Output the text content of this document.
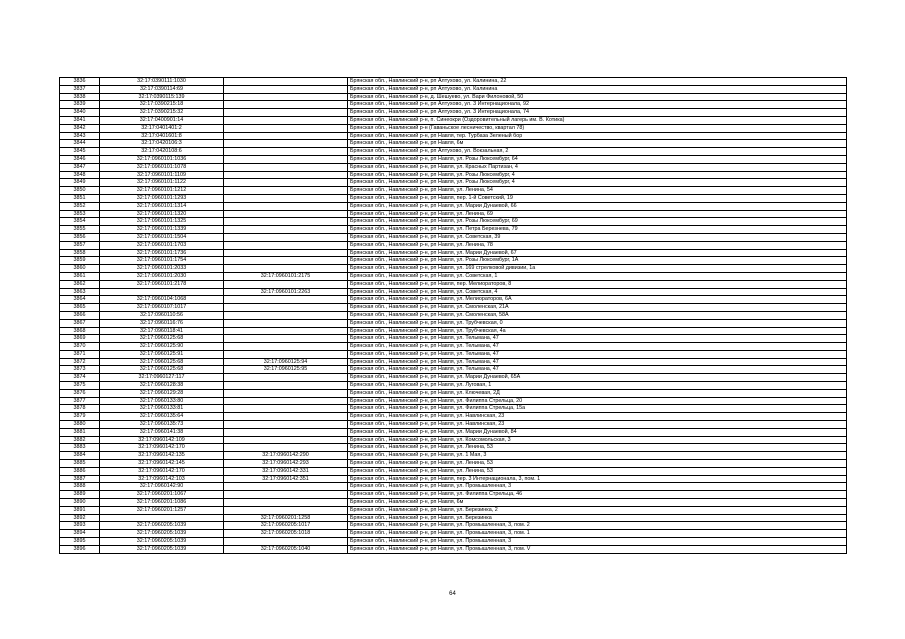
3836	32:17:0390111:1030		Брянская обл., Навлинский р-н, рп Алтухово, ул. Калинина, 22
3837	32:17:0390114:69		Брянская обл., Навлинский р-н, рп Алтухово, ул. Калинина
3838	32:17:0390115:139		Брянская обл., Навлинский р-н, д. Шешуево, ул. Вари Филоновой, 50
3839	32:17:0390215:18		Брянская обл., Навлинский р-н, рп Алтухово, ул. 3 Интернационала, 92
3840	32:17:0390215:32		Брянская обл., Навлинский р-н, рп Алтухово, ул. 3 Интернационала, 74
3841	32:17:0400901:14		Брянская обл., Навлинский р-н, п. Синеокри (Оздоровительный лагерь им. В. Котика)
3842	32:17:0401401:2		Брянская обл., Навлинский р-н (Гаваньское лесничество, квартал 78)
3843	32:17:0401601:8		Брянская обл., Навлинский р-н, рп Навля, тер. Турбаза Зеленый бор
3844	32:17:0420106:3		Брянская обл., Навлинский р-н, рп Навля, 6м
3845	32:17:0420108:6		Брянская обл., Навлинский р-н, рп Алтухово, ул. Вокзальная, 2
3846	32:17:0960101:1036		Брянская обл., Навлинский р-н, рп Навля, ул. Розы Люксембург, 64
3847	32:17:0960101:1078		Брянская обл., Навлинский р-н, рп Навля, ул. Красных Партизан, 4
3848	32:17:0960101:1109		Брянская обл., Навлинский р-н, рп Навля, ул. Розы Люксембург, 4
3849	32:17:0960101:1122		Брянская обл., Навлинский р-н, рп Навля, ул. Розы Люксембург, 4
3850	32:17:0960101:1212		Брянская обл., Навлинский р-н, рп Навля, ул. Ленина, 54
3851	32:17:0960101:1293		Брянская обл., Навлинский р-н, рп Навля, пер. 1-й Советский, 19
3852	32:17:0960101:1314		Брянская обл., Навлинский р-н, рп Навля, ул. Марии Дунаевой, 66
3853	32:17:0960101:1320		Брянская обл., Навлинский р-н, рп Навля, ул. Ленина, 69
3854	32:17:0960101:1325		Брянская обл., Навлинский р-н, рп Навля, ул. Розы Люксембург, 69
3855	32:17:0960101:1339		Брянская обл., Навлинский р-н, рп Навля, ул. Петра Березнева, 79
3856	32:17:0960101:1504		Брянская обл., Навлинский р-н, рп Навля, ул. Советская, 39
3857	32:17:0960101:1703		Брянская обл., Навлинский р-н, рп Навля, ул. Ленина, 78
3858	32:17:0960101:1736		Брянская обл., Навлинский р-н, рп Навля, ул. Марии Дунаевой, 67
3859	32:17:0960101:1754		Брянская обл., Навлинский р-н, рп Навля, ул. Розы Люксембург, 1А
3860	32:17:0960101:2033		Брянская обл., Навлинский р-н, рп Навля, ул. 169 стрелковой дивизии, 1а
3861	32:17:0960101:2030	32:17:0960101:2175	Брянская обл., Навлинский р-н, рп Навля, ул. Советская, 1
3862	32:17:0960101:2178		Брянская обл., Навлинский р-н, рп Навля, пер. Мелиораторов, 8
3863		32:17:0960101:2263	Брянская обл., Навлинский р-н, рп Навля, ул. Советская, 4
3864	32:17:0960104:1068		Брянская обл., Навлинский р-н, рп Навля, ул. Мелиораторов, 6А
3865	32:17:0960107:1017		Брянская обл., Навлинский р-н, рп Навля, ул. Смоленская, 21А
3866	32:17:0960110:56		Брянская обл., Навлинский р-н, рп Навля, ул. Смоленская, 58А
3867	32:17:0960116:76		Брянская обл., Навлинский р-н, рп Навля, ул. Трубчевская, 0
3868	32:17:0960118:41		Брянская обл., Навлинский р-н, рп Навля, ул. Трубчевская, 4а
3869	32:17:0960125:68		Брянская обл., Навлинский р-н, рп Навля, ул. Тельмана, 47
3870	32:17:0960125:90		Брянская обл., Навлинский р-н, рп Навля, ул. Тельмана, 47
3871	32:17:0960125:91		Брянская обл., Навлинский р-н, рп Навля, ул. Тельмана, 47
3872	32:17:0960125:68	32:17:0960125:94	Брянская обл., Навлинский р-н, рп Навля, ул. Тельмана, 47
3873	32:17:0960125:68	32:17:0960125:95	Брянская обл., Навлинский р-н, рп Навля, ул. Тельмана, 47
3874	32:17:0960127:117		Брянская обл., Навлинский р-н, рп Навля, ул. Марии Дунаевой, 65А
3875	32:17:0960128:38		Брянская обл., Навлинский р-н, рп Навля, ул. Луговая, 1
3876	32:17:0960129:28		Брянская обл., Навлинский р-н, рп Навля, ул. Ключевая, 2Д
3877	32:17:0960133:80		Брянская обл., Навлинский р-н, рп Навля, ул. Филиппа Стрельца, 20
3878	32:17:0960133:81		Брянская обл., Навлинский р-н, рп Навля, ул. Филиппа Стрельца, 15а
3879	32:17:0960135:64		Брянская обл., Навлинский р-н, рп Навля, ул. Навлинская, 23
3880	32:17:0960135:73		Брянская обл., Навлинский р-н, рп Навля, ул. Навлинская, 23
3881	32:17:0960141:38		Брянская обл., Навлинский р-н, рп Навля, ул. Марии Дунаевой, 84
3882	32:17:0960142:109		Брянская обл., Навлинский р-н, рп Навля, ул. Комсомольская, 3
3883	32:17:0960142:170		Брянская обл., Навлинский р-н, рп Навля, ул. Ленина, 53
3884	32:17:0960142:135	32:17:0960142:290	Брянская обл., Навлинский р-н, рп Навля, ул. 1 Мая, 3
3885	32:17:0960142:145	32:17:0960142:293	Брянская обл., Навлинский р-н, рп Навля, ул. Ленина, 53
3886	32:17:0960142:170	32:17:0960142:331	Брянская обл., Навлинский р-н, рп Навля, ул. Ленина, 53
3887	32:17:0960142:103	32:17:0960142:351	Брянская обл., Навлинский р-н, рп Навля, пер. 3 Интернационала, 3, пом. 1
3888	32:17:0960142:90		Брянская обл., Навлинский р-н, рп Навля, ул. Промышленная, 3
3889	32:17:0960201:1067		Брянская обл., Навлинский р-н, рп Навля, ул. Филиппа Стрельца, 46
3890	32:17:0960201:1086		Брянская обл., Навлинский р-н, рп Навля, 6м
3891	32:17:0960201:1257		Брянская обл., Навлинский р-н, рп Навля, ул. Березинка, 2
3892		32:17:0960201:1258	Брянская обл., Навлинский р-н, рп Навля, ул. Березинка
3893	32:17:0960205:1039	32:17:0960205:1017	Брянская обл., Навлинский р-н, рп Навля, ул. Промышленная, 3, пом. 2
3894	32:17:0960205:1039	32:17:0960205:1018	Брянская обл., Навлинский р-н, рп Навля, ул. Промышленная, 3, пом. 1
3895	32:17:0960205:1039		Брянская обл., Навлинский р-н, рп Навля, ул. Промышленная, 3
3896	32:17:0960205:1039	32:17:0960205:1040	Брянская обл., Навлинский р-н, рп Навля, ул. Промышленная, 3, пом. V
64
